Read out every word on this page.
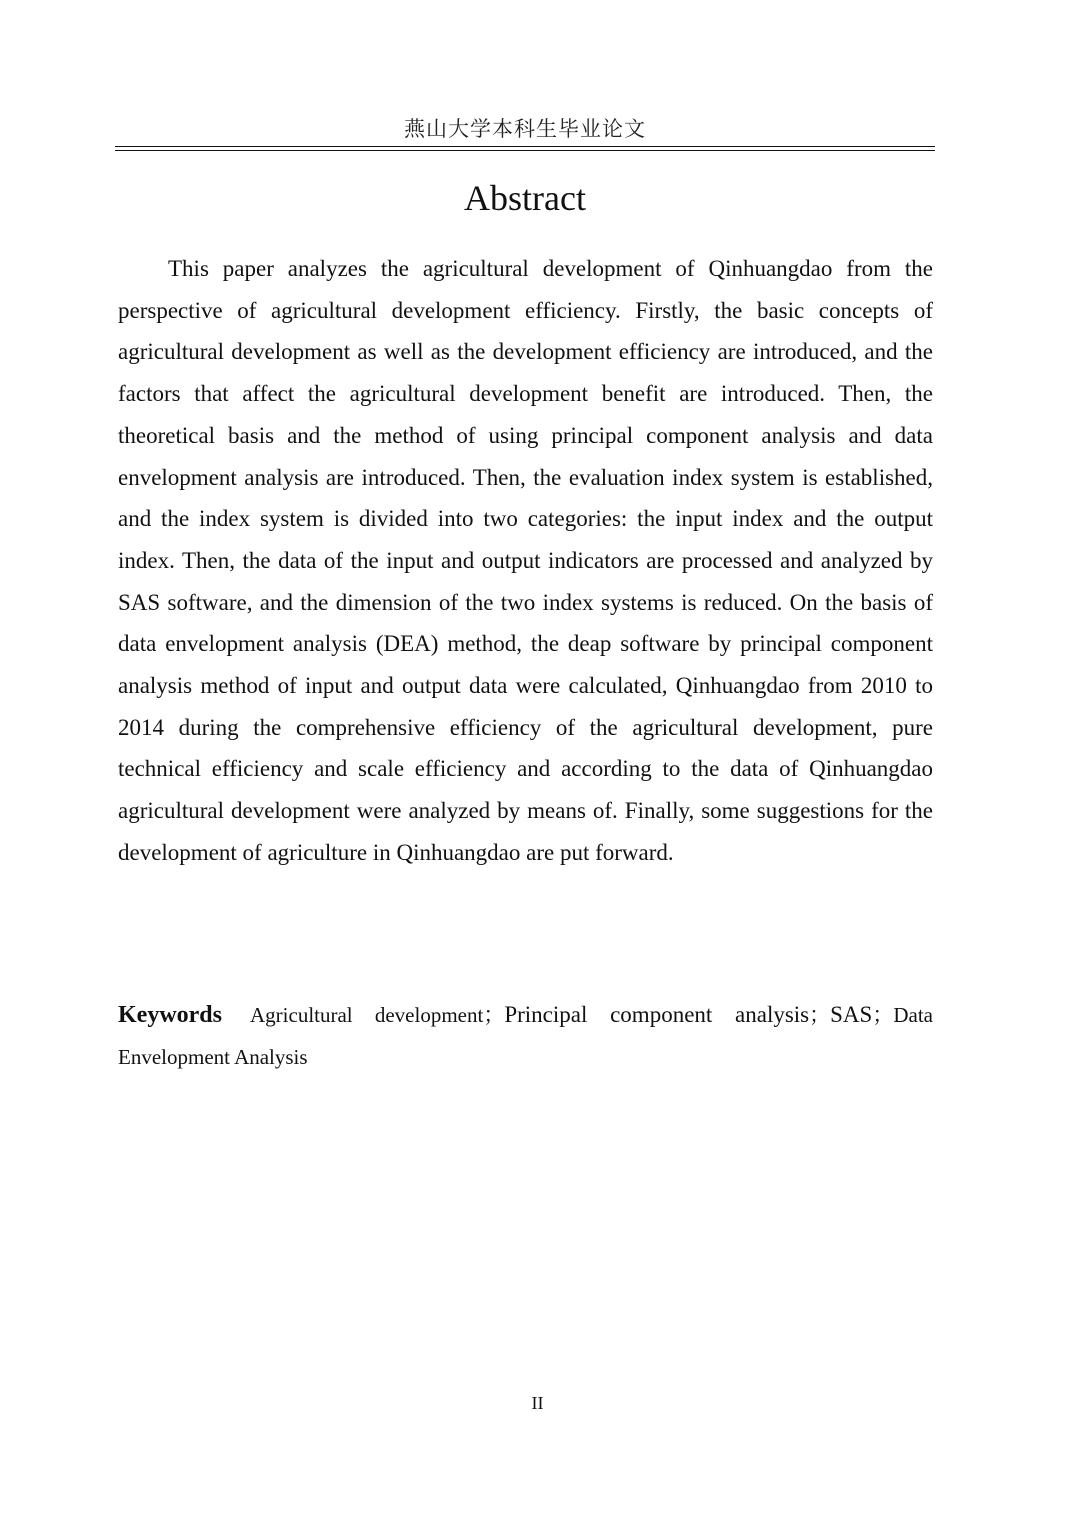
燕山大学本科生毕业论文
Abstract

This paper analyzes the agricultural development of Qinhuangdao from the perspective of agricultural development efficiency. Firstly, the basic concepts of agricultural development as well as the development efficiency are introduced, and the factors that affect the agricultural development benefit are introduced. Then, the theoretical basis and the method of using principal component analysis and data envelopment analysis are introduced. Then, the evaluation index system is established, and the index system is divided into two categories: the input index and the output index. Then, the data of the input and output indicators are processed and analyzed by SAS software, and the dimension of the two index systems is reduced. On the basis of data envelopment analysis (DEA) method, the deap software by principal component analysis method of input and output data were calculated, Qinhuangdao from 2010 to 2014 during the comprehensive efficiency of the agricultural development, pure technical efficiency and scale efficiency and according to the data of Qinhuangdao agricultural development were analyzed by means of. Finally, some suggestions for the development of agriculture in Qinhuangdao are put forward.

Keywords Agricultural development；Principal component analysis；SAS；Data Envelopment Analysis
II
